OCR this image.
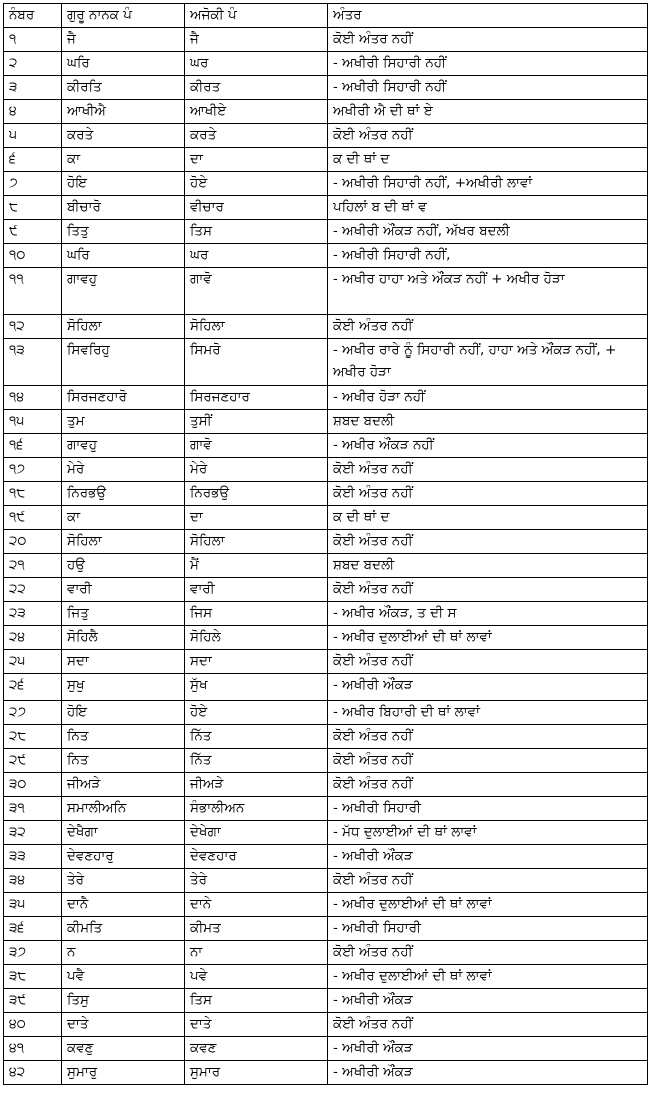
ਨੰਬਰ	ਗੁਰੂ ਨਾਨਕ ਪੰ	ਅਜੋਕੀ ਪੰ	ਅੰਤਰ
੧	ਜੈ	ਜੈ	ਕੋਈ ਅੰਤਰ ਨਹੀਂ
੨	ਘਰਿ	ਘਰ	- ਅਖੀਰੀ ਸਿਹਾਰੀ ਨਹੀਂ
੩	ਕੀਰਤਿ	ਕੀਰਤ	- ਅਖੀਰੀ ਸਿਹਾਰੀ ਨਹੀਂ
੪	ਆਖੀਐ	ਆਖੀਏ	ਅਖੀਰੀ ਐ ਦੀ ਥਾਂ ਏ
੫	ਕਰਤੇ	ਕਰਤੇ	ਕੋਈ ਅੰਤਰ ਨਹੀਂ
੬	ਕਾ	ਦਾ	ਕ ਦੀ ਥਾਂ ਦ
੭	ਹੋਇ	ਹੋਏ	- ਅਖੀਰੀ ਸਿਹਾਰੀ ਨਹੀਂ, +ਅਖੀਰੀ ਲਾਵਾਂ
੮	ਬੀਚਾਰੋ	ਵੀਚਾਰ	ਪਹਿਲਾਂ ਬ ਦੀ ਥਾਂ ਵ
੯	ਤਿਤੁ	ਤਿਸ	- ਅਖੀਰੀ ਔਂਕੜ ਨਹੀਂ, ਅੱਖਰ ਬਦਲੀ
੧੦	ਘਰਿ	ਘਰ	- ਅਖੀਰੀ ਸਿਹਾਰੀ ਨਹੀਂ,
੧੧	ਗਾਵਹੁ	ਗਾਵੋ	- ਅਖੀਰ ਹਾਹਾ ਅਤੇ ਔਂਕੜ ਨਹੀਂ + ਅਖੀਰ ਹੋੜਾ
੧੨	ਸੋਹਿਲਾ	ਸੋਹਿਲਾ	ਕੋਈ ਅੰਤਰ ਨਹੀਂ
੧੩	ਸਿਵਰਿਹੁ	ਸਿਮਰੋ	- ਅਖੀਰ ਰਾਰੇ ਨੂੰ ਸਿਹਾਰੀ ਨਹੀਂ, ਹਾਹਾ ਅਤੇ ਔਂਕੜ ਨਹੀਂ, + ਅਖੀਰ ਹੋੜਾ
੧੪	ਸਿਰਜਣਹਾਰੋ	ਸਿਰਜਣਹਾਰ	- ਅਖੀਰ ਹੋੜਾ ਨਹੀਂ
੧੫	ਤੁਮ	ਤੁਸੀਂ	ਸ਼ਬਦ ਬਦਲੀ
੧੬	ਗਾਵਹੁ	ਗਾਵੋ	- ਅਖੀਰ ਔਂਕੜ ਨਹੀਂ
੧੭	ਮੇਰੇ	ਮੇਰੇ	ਕੋਈ ਅੰਤਰ ਨਹੀਂ
੧੮	ਨਿਰਭਉ	ਨਿਰਭਉ	ਕੋਈ ਅੰਤਰ ਨਹੀਂ
੧੯	ਕਾ	ਦਾ	ਕ ਦੀ ਥਾਂ ਦ
੨੦	ਸੋਹਿਲਾ	ਸੋਹਿਲਾ	ਕੋਈ ਅੰਤਰ ਨਹੀਂ
੨੧	ਹਉ	ਮੈਂ	ਸ਼ਬਦ ਬਦਲੀ
੨੨	ਵਾਰੀ	ਵਾਰੀ	ਕੋਈ ਅੰਤਰ ਨਹੀਂ
੨੩	ਜਿਤੁ	ਜਿਸ	- ਅਖੀਰ ਔਂਕੜ, ਤ ਦੀ ਸ
੨੪	ਸੋਹਿਲੈ	ਸੋਹਿਲੇ	- ਅਖੀਰ ਦੁਲਾਈਆਂ ਦੀ ਥਾਂ ਲਾਵਾਂ
੨੫	ਸਦਾ	ਸਦਾ	ਕੋਈ ਅੰਤਰ ਨਹੀਂ
੨੬	ਸੁਖੁ	ਸੁੱਖ	- ਅਖੀਰੀ ਔਂਕੜ
੨੭	ਹੋਇ	ਹੋਏ	- ਅਖੀਰ ਬਿਹਾਰੀ ਦੀ ਥਾਂ ਲਾਵਾਂ
੨੮	ਨਿਤ	ਨਿੱਤ	ਕੋਈ ਅੰਤਰ ਨਹੀਂ
੨੯	ਨਿਤ	ਨਿੱਤ	ਕੋਈ ਅੰਤਰ ਨਹੀਂ
੩੦	ਜੀਅੜੇ	ਜੀਅੜੇ	ਕੋਈ ਅੰਤਰ ਨਹੀਂ
੩੧	ਸਮਾਲੀਅਨਿ	ਸੰਭਾਲੀਅਨ	- ਅਖੀਰੀ ਸਿਹਾਰੀ
੩੨	ਦੇਖੈਗਾ	ਦੇਖੇਗਾ	- ਮੱਧ ਦੁਲਾਈਆਂ ਦੀ ਥਾਂ ਲਾਵਾਂ
੩੩	ਦੇਵਣਹਾਰੁ	ਦੇਵਣਹਾਰ	- ਅਖੀਰੀ ਔਂਕੜ
੩੪	ਤੇਰੇ	ਤੇਰੇ	ਕੋਈ ਅੰਤਰ ਨਹੀਂ
੩੫	ਦਾਨੈ	ਦਾਨੇ	- ਅਖੀਰ ਦੁਲਾਈਆਂ ਦੀ ਥਾਂ ਲਾਵਾਂ
੩੬	ਕੀਮਤਿ	ਕੀਮਤ	- ਅਖੀਰੀ ਸਿਹਾਰੀ
੩੭	ਨ	ਨਾ	ਕੋਈ ਅੰਤਰ ਨਹੀਂ
੩੮	ਪਵੈ	ਪਵੇ	- ਅਖੀਰ ਦੁਲਾਈਆਂ ਦੀ ਥਾਂ ਲਾਵਾਂ
੩੯	ਤਿਸੁ	ਤਿਸ	- ਅਖੀਰੀ ਔਂਕੜ
੪੦	ਦਾਤੇ	ਦਾਤੇ	ਕੋਈ ਅੰਤਰ ਨਹੀਂ
੪੧	ਕਵਣੁ	ਕਵਣ	- ਅਖੀਰੀ ਔਂਕੜ
੪੨	ਸੁਮਾਰੁ	ਸੁਮਾਰ	- ਅਖੀਰੀ ਔਂਕੜ
